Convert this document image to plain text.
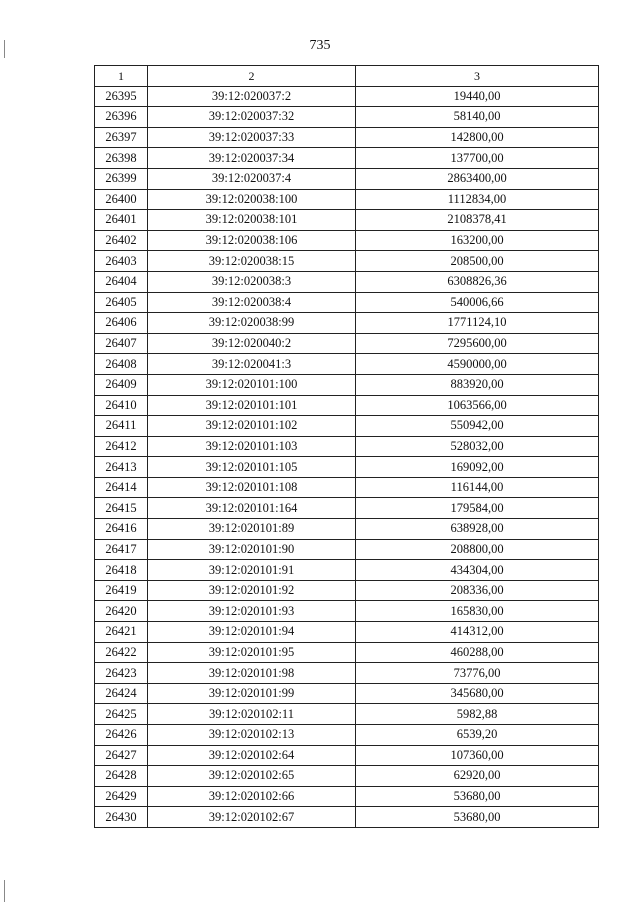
735
1	2	3
26395	39:12:020037:2	19440,00
26396	39:12:020037:32	58140,00
26397	39:12:020037:33	142800,00
26398	39:12:020037:34	137700,00
26399	39:12:020037:4	2863400,00
26400	39:12:020038:100	1112834,00
26401	39:12:020038:101	2108378,41
26402	39:12:020038:106	163200,00
26403	39:12:020038:15	208500,00
26404	39:12:020038:3	6308826,36
26405	39:12:020038:4	540006,66
26406	39:12:020038:99	1771124,10
26407	39:12:020040:2	7295600,00
26408	39:12:020041:3	4590000,00
26409	39:12:020101:100	883920,00
26410	39:12:020101:101	1063566,00
26411	39:12:020101:102	550942,00
26412	39:12:020101:103	528032,00
26413	39:12:020101:105	169092,00
26414	39:12:020101:108	116144,00
26415	39:12:020101:164	179584,00
26416	39:12:020101:89	638928,00
26417	39:12:020101:90	208800,00
26418	39:12:020101:91	434304,00
26419	39:12:020101:92	208336,00
26420	39:12:020101:93	165830,00
26421	39:12:020101:94	414312,00
26422	39:12:020101:95	460288,00
26423	39:12:020101:98	73776,00
26424	39:12:020101:99	345680,00
26425	39:12:020102:11	5982,88
26426	39:12:020102:13	6539,20
26427	39:12:020102:64	107360,00
26428	39:12:020102:65	62920,00
26429	39:12:020102:66	53680,00
26430	39:12:020102:67	53680,00
